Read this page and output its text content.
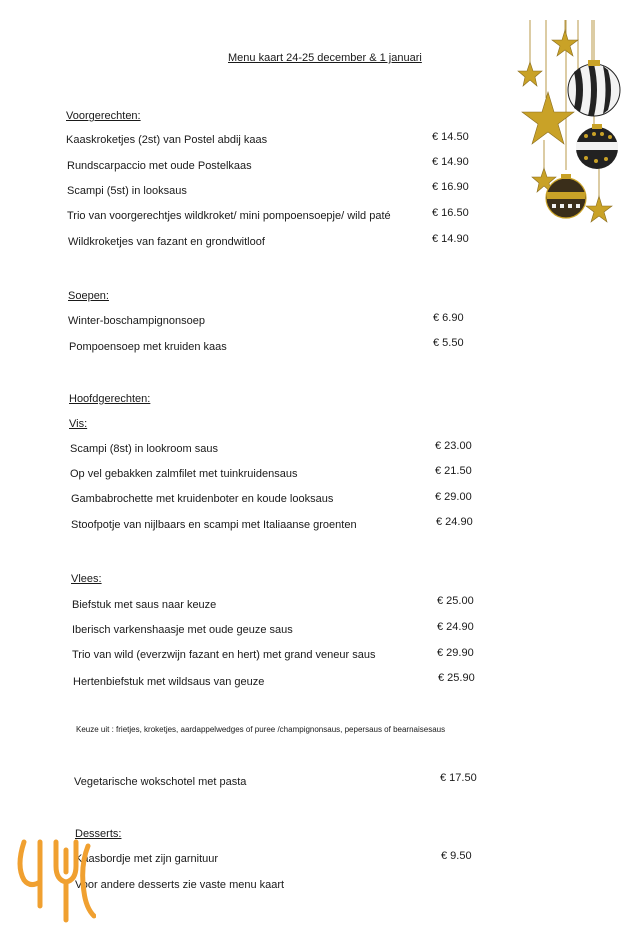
Menu kaart 24-25 december & 1 januari
Voorgerechten:
Kaaskroketjes (2st) van Postel abdij kaas	€ 14.50
Rundscarpaccio met oude Postelkaas	€ 14.90
Scampi (5st) in looksaus	€ 16.90
Trio van voorgerechtjes wildkroket/ mini pompoensoepje/ wild paté	€ 16.50
Wildkroketjes van fazant en grondwitloof	€ 14.90
Soepen:
Winter-boschampignonsoep	€ 6.90
Pompoensoep met kruiden kaas	€ 5.50
Hoofdgerechten:
Vis:
Scampi (8st) in lookroom saus	€ 23.00
Op vel gebakken zalmfilet met tuinkruidensaus	€ 21.50
Gambabrochette met kruidenboter en koude looksaus	€ 29.00
Stoofpotje van nijlbaars en scampi met Italiaanse groenten	€ 24.90
Vlees:
Biefstuk met saus naar keuze	€ 25.00
Iberisch varkenshaasje met oude geuze saus	€ 24.90
Trio van wild (everzwijn fazant en hert) met grand veneur saus	€ 29.90
Hertenbiefstuk met wildsaus van geuze	€ 25.90
Keuze uit : frietjes, kroketjes, aardappelwedges of puree /champignonsaus, pepersaus of bearnaisesaus
Vegetarische wokschotel met pasta	€ 17.50
Desserts:
Kaasbordje met zijn garnituur	€ 9.50
Voor andere desserts zie vaste menu kaart
